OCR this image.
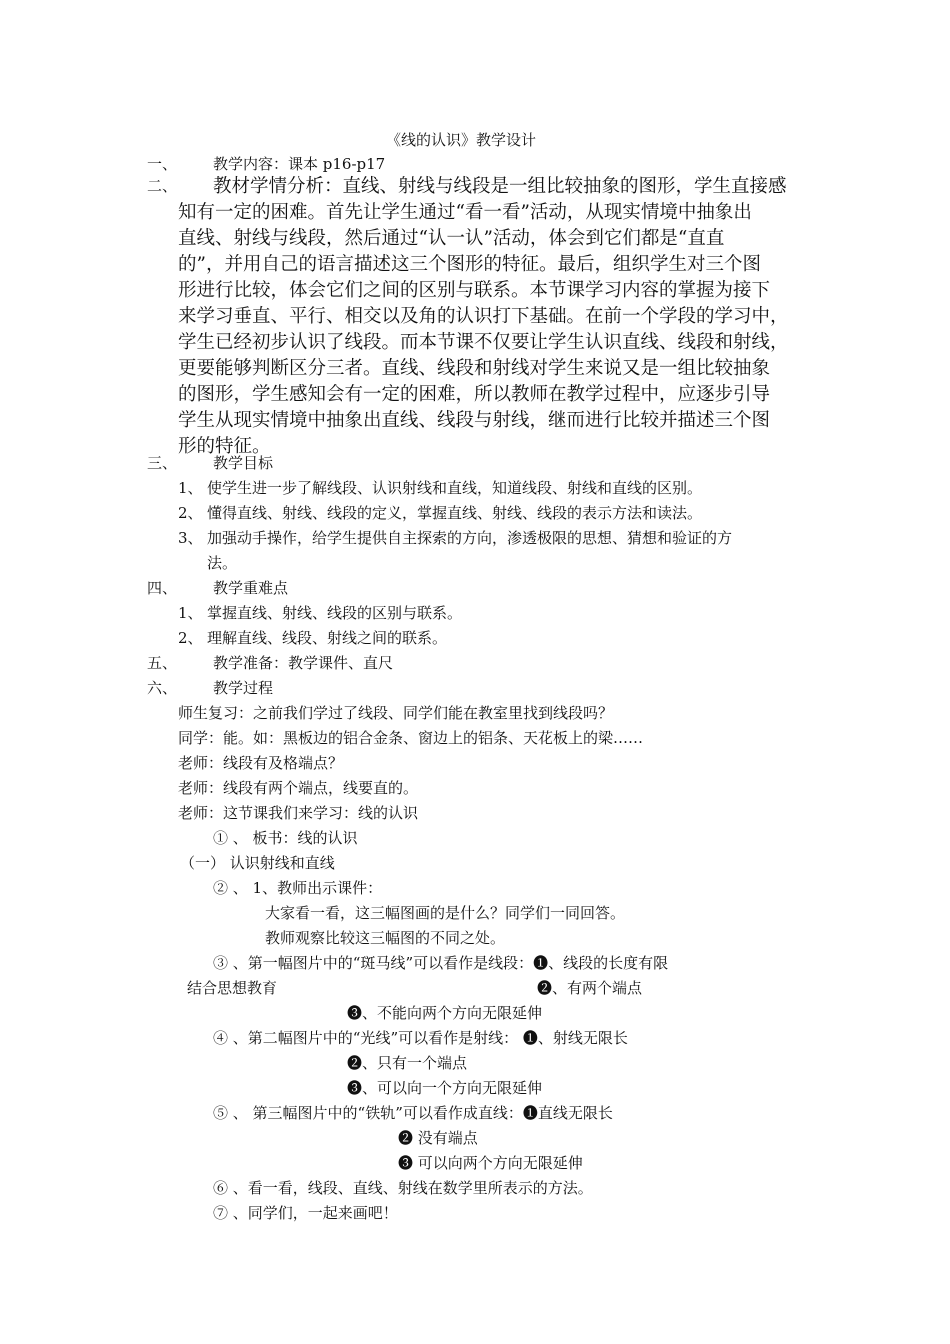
《线的认识》教学设计
一、 教学内容：课本 p16-p17
二、 教材学情分析：直线、射线与线段是一组比较抽象的图形，学生直接感
知有一定的困难。首先让学生通过“看一看”活动，从现实情境中抽象出
直线、射线与线段，然后通过“认一认”活动，体会到它们都是“直直
的”，并用自己的语言描述这三个图形的特征。最后，组织学生对三个图
形进行比较，体会它们之间的区别与联系。本节课学习内容的掌握为接下
来学习垂直、平行、相交以及角的认识打下基础。在前一个学段的学习中，
学生已经初步认识了线段。而本节课不仅要让学生认识直线、线段和射线，
更要能够判断区分三者。直线、线段和射线对学生来说又是一组比较抽象
的图形，学生感知会有一定的困难，所以教师在教学过程中，应逐步引导
学生从现实情境中抽象出直线、线段与射线，继而进行比较并描述三个图
形的特征。
三、 教学目标
1、 使学生进一步了解线段、认识射线和直线，知道线段、射线和直线的区别。
2、 懂得直线、射线、线段的定义，掌握直线、射线、线段的表示方法和读法。
3、 加强动手操作，给学生提供自主探索的方向，渗透极限的思想、猜想和验证的方
法。
四、 教学重难点
1、 掌握直线、射线、线段的区别与联系。
2、 理解直线、线段、射线之间的联系。
五、 教学准备：教学课件、直尺
六、 教学过程
师生复习：之前我们学过了线段、同学们能在教室里找到线段吗？
同学：能。如：黑板边的铝合金条、窗边上的铝条、天花板上的梁……
老师：线段有及格端点？
老师：线段有两个端点，线要直的。
老师：这节课我们来学习：线的认识
① 、 板书：线的认识
（一） 认识射线和直线
② 、 1、教师出示课件：
大家看一看，这三幅图画的是什么？同学们一同回答。
教师观察比较这三幅图的不同之处。
③ 、第一幅图片中的“斑马线”可以看作是线段：❶、线段的长度有限
结合思想教育	❷、有两个端点
❸、不能向两个方向无限延伸
④ 、第二幅图片中的“光线”可以看作是射线： ❶、射线无限长
❷、只有一个端点
❸、可以向一个方向无限延伸
⑤ 、 第三幅图片中的“铁轨”可以看作成直线：❶直线无限长
❷ 没有端点
❸ 可以向两个方向无限延伸
⑥ 、看一看，线段、直线、射线在数学里所表示的方法。
⑦ 、同学们，一起来画吧！
